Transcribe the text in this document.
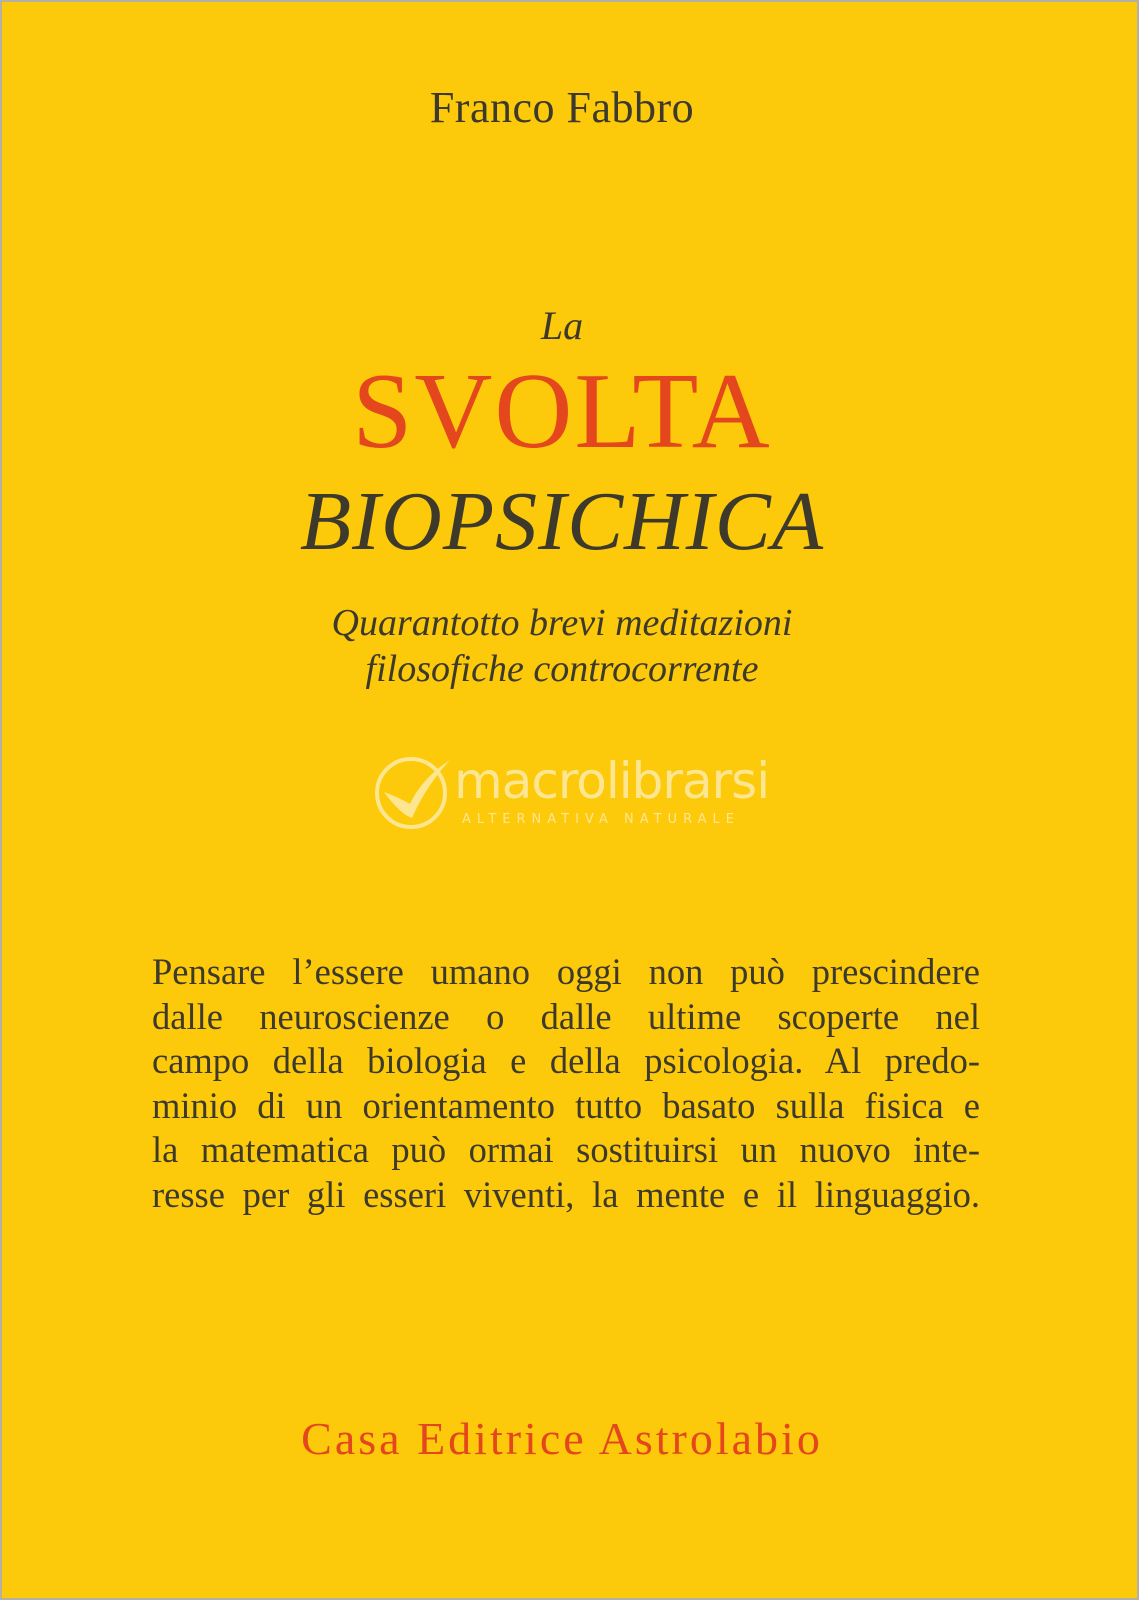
Franco Fabbro
La
SVOLTA
BIOPSICHICA
Quarantotto brevi meditazioni
filosofiche controcorrente
macrolibrarsi
ALTERNATIVA NATURALE
Pensare l’essere umano oggi non può prescindere
dalle neuroscienze o dalle ultime scoperte nel
campo della biologia e della psicologia. Al predo-
minio di un orientamento tutto basato sulla fisica e
la matematica può ormai sostituirsi un nuovo inte-
resse per gli esseri viventi, la mente e il linguaggio.
Casa Editrice Astrolabio
